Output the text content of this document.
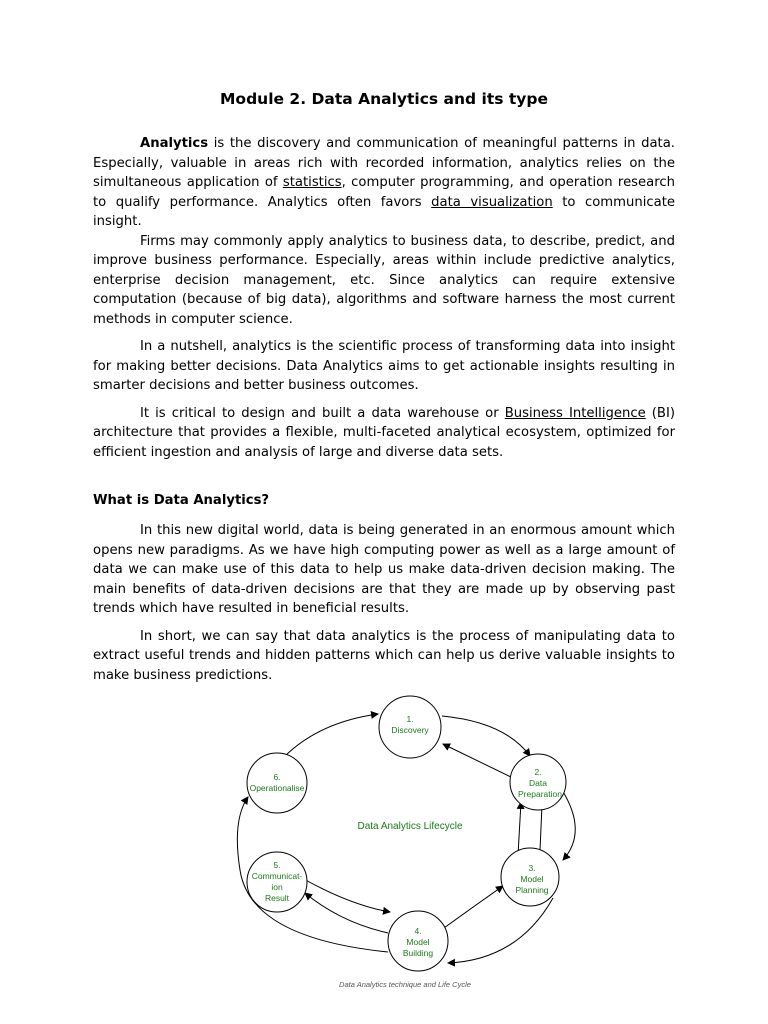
Module 2. Data Analytics and its type

Analytics is the discovery and communication of meaningful patterns in data. Especially, valuable in areas rich with recorded information, analytics relies on the simultaneous application of statistics, computer programming, and operation research to qualify performance. Analytics often favors data visualization to communicate insight.

Firms may commonly apply analytics to business data, to describe, predict, and improve business performance. Especially, areas within include predictive analytics, enterprise decision management, etc. Since analytics can require extensive computation (because of big data), algorithms and software harness the most current methods in computer science.

In a nutshell, analytics is the scientific process of transforming data into insight for making better decisions. Data Analytics aims to get actionable insights resulting in smarter decisions and better business outcomes.

It is critical to design and built a data warehouse or Business Intelligence (BI) architecture that provides a flexible, multi-faceted analytical ecosystem, optimized for efficient ingestion and analysis of large and diverse data sets.

What is Data Analytics?

In this new digital world, data is being generated in an enormous amount which opens new paradigms. As we have high computing power as well as a large amount of data we can make use of this data to help us make data-driven decision making. The main benefits of data-driven decisions are that they are made up by observing past trends which have resulted in beneficial results.

In short, we can say that data analytics is the process of manipulating data to extract useful trends and hidden patterns which can help us derive valuable insights to make business predictions.

1.
Discovery
2.
Data
Preparation
3.
Model
Planning
4.
Model
Building
5.
Communicat-
ion
Result
6.
Operationalise
Data Analytics Lifecycle
Data Analytics technique and Life Cycle
